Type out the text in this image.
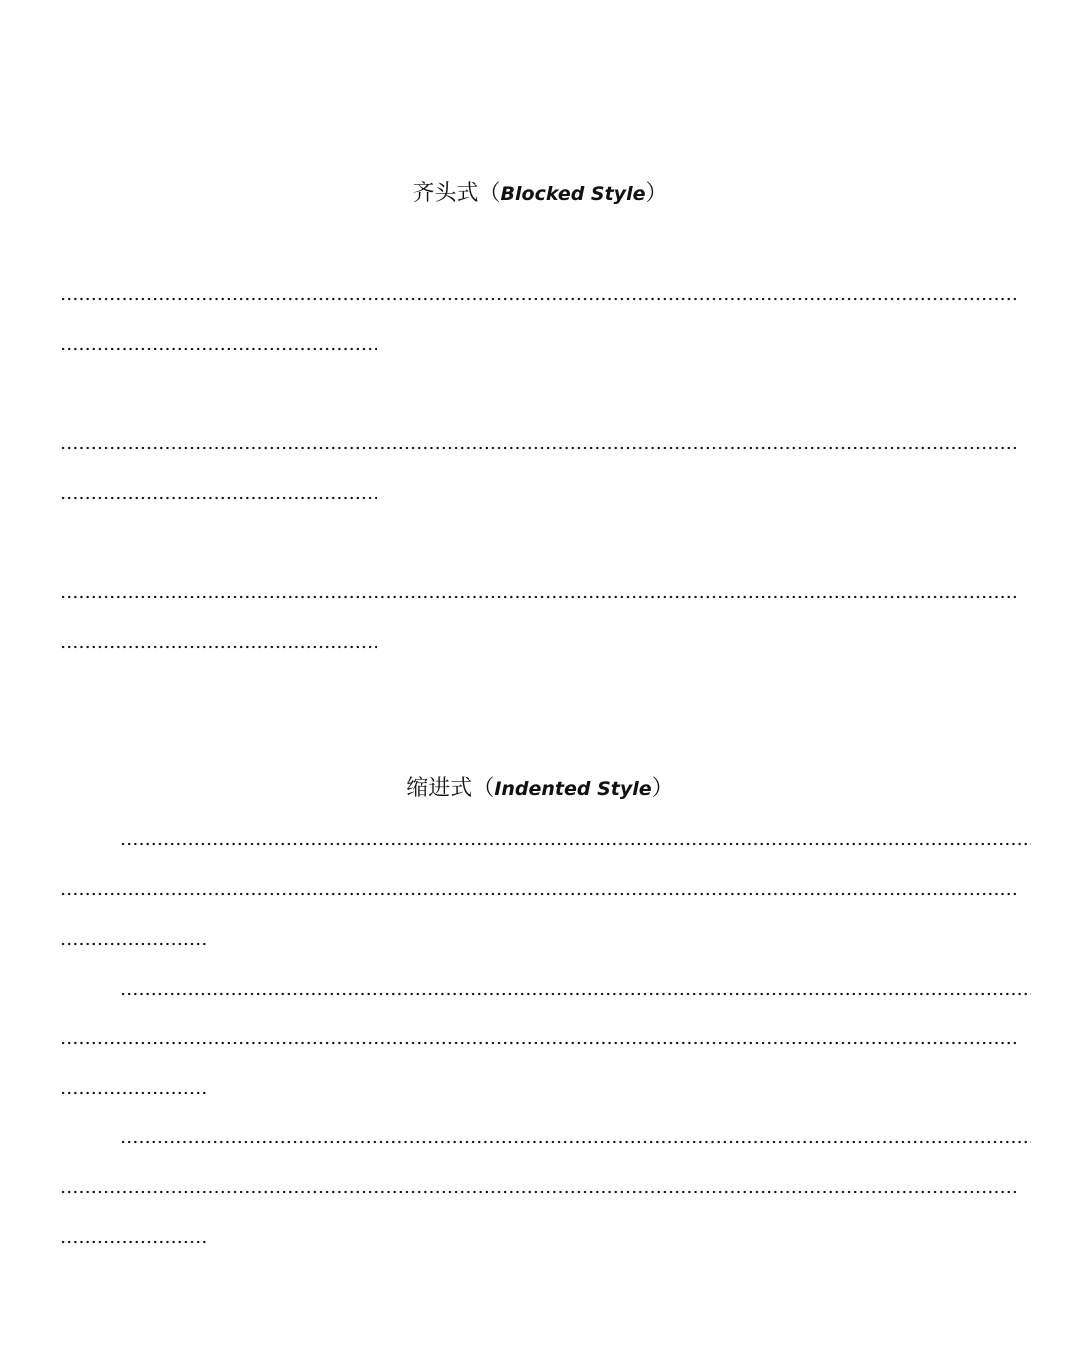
齐头式（Blocked Style）
缩进式（Indented Style）
